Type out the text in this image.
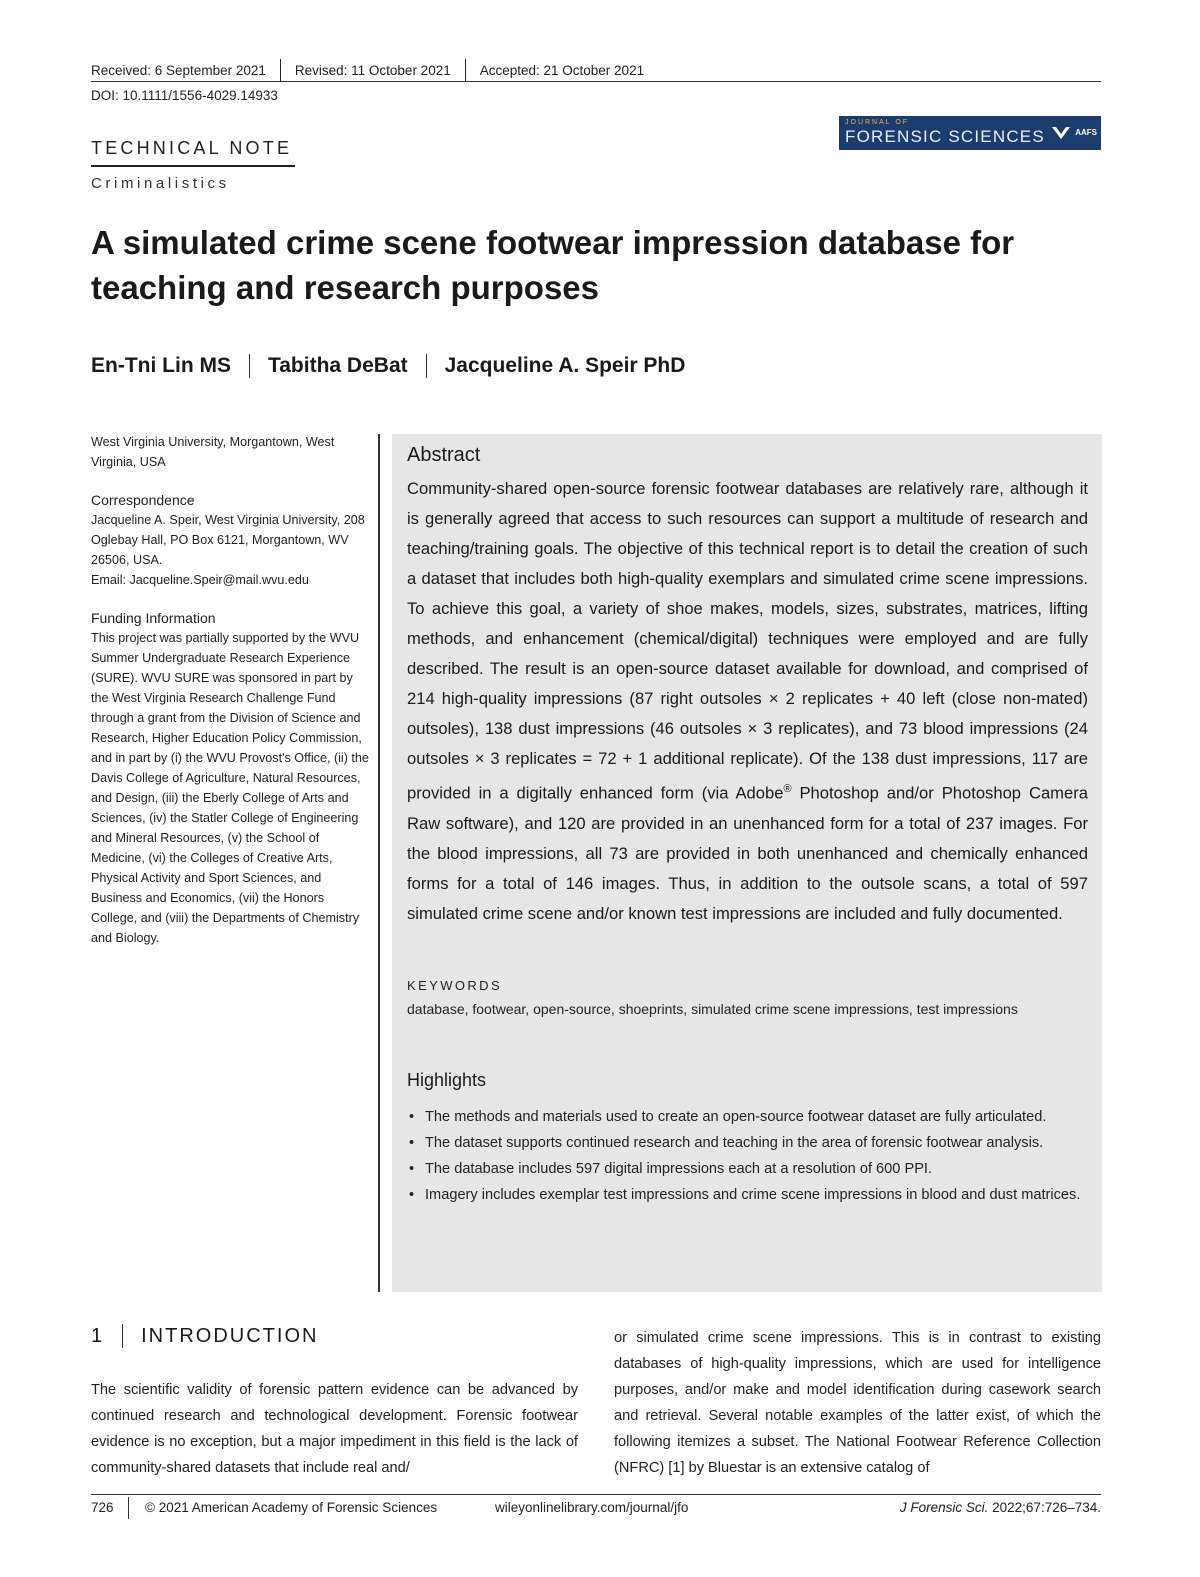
Received: 6 September 2021 Revised: 11 October 2021 Accepted: 21 October 2021
DOI: 10.1111/1556-4029.14933
TECHNICAL NOTE
Criminalistics
JOURNAL OF
FORENSIC SCIENCES	AAFS
A simulated crime scene footwear impression database for teaching and research purposes
En-Tni Lin MS Tabitha DeBat Jacqueline A. Speir PhD

West Virginia University, Morgantown, West Virginia, USA

Correspondence

Jacqueline A. Speir, West Virginia University, 208 Oglebay Hall, PO Box 6121, Morgantown, WV 26506, USA.

Email: Jacqueline.Speir@mail.wvu.edu

Funding Information

This project was partially supported by the WVU Summer Undergraduate Research Experience (SURE). WVU SURE was sponsored in part by the West Virginia Research Challenge Fund through a grant from the Division of Science and Research, Higher Education Policy Commission, and in part by (i) the WVU Provost's Office, (ii) the Davis College of Agriculture, Natural Resources, and Design, (iii) the Eberly College of Arts and Sciences, (iv) the Statler College of Engineering and Mineral Resources, (v) the School of Medicine, (vi) the Colleges of Creative Arts, Physical Activity and Sport Sciences, and Business and Economics, (vii) the Honors College, and (viii) the Departments of Chemistry and Biology.

Abstract
Community-shared open-source forensic footwear databases are relatively rare, although it is generally agreed that access to such resources can support a multitude of research and teaching/training goals. The objective of this technical report is to detail the creation of such a dataset that includes both high-quality exemplars and simulated crime scene impressions. To achieve this goal, a variety of shoe makes, models, sizes, substrates, matrices, lifting methods, and enhancement (chemical/digital) techniques were employed and are fully described. The result is an open-source dataset available for download, and comprised of 214 high-quality impressions (87 right outsoles × 2 replicates + 40 left (close non-mated) outsoles), 138 dust impressions (46 outsoles × 3 replicates), and 73 blood impressions (24 outsoles × 3 replicates = 72 + 1 additional replicate). Of the 138 dust impressions, 117 are provided in a digitally enhanced form (via Adobe® Photoshop and/or Photoshop Camera Raw software), and 120 are provided in an unenhanced form for a total of 237 images. For the blood impressions, all 73 are provided in both unenhanced and chemically enhanced forms for a total of 146 images. Thus, in addition to the outsole scans, a total of 597 simulated crime scene and/or known test impressions are included and fully documented.
KEYWORDS
database, footwear, open-source, shoeprints, simulated crime scene impressions, test impressions
Highlights
• The methods and materials used to create an open-source footwear dataset are fully articulated.
• The dataset supports continued research and teaching in the area of forensic footwear analysis.
• The database includes 597 digital impressions each at a resolution of 600 PPI.
• Imagery includes exemplar test impressions and crime scene impressions in blood and dust matrices.
1 INTRODUCTION
The scientific validity of forensic pattern evidence can be advanced by continued research and technological development. Forensic footwear evidence is no exception, but a major impediment in this field is the lack of community-shared datasets that include real and/
or simulated crime scene impressions. This is in contrast to existing databases of high-quality impressions, which are used for intelligence purposes, and/or make and model identification during casework search and retrieval. Several notable examples of the latter exist, of which the following itemizes a subset. The National Footwear Reference Collection (NFRC) [1] by Bluestar is an extensive catalog of
726 © 2021 American Academy of Forensic Sciences	wileyonlinelibrary.com/journal/jfo	J Forensic Sci. 2022;67:726–734.
